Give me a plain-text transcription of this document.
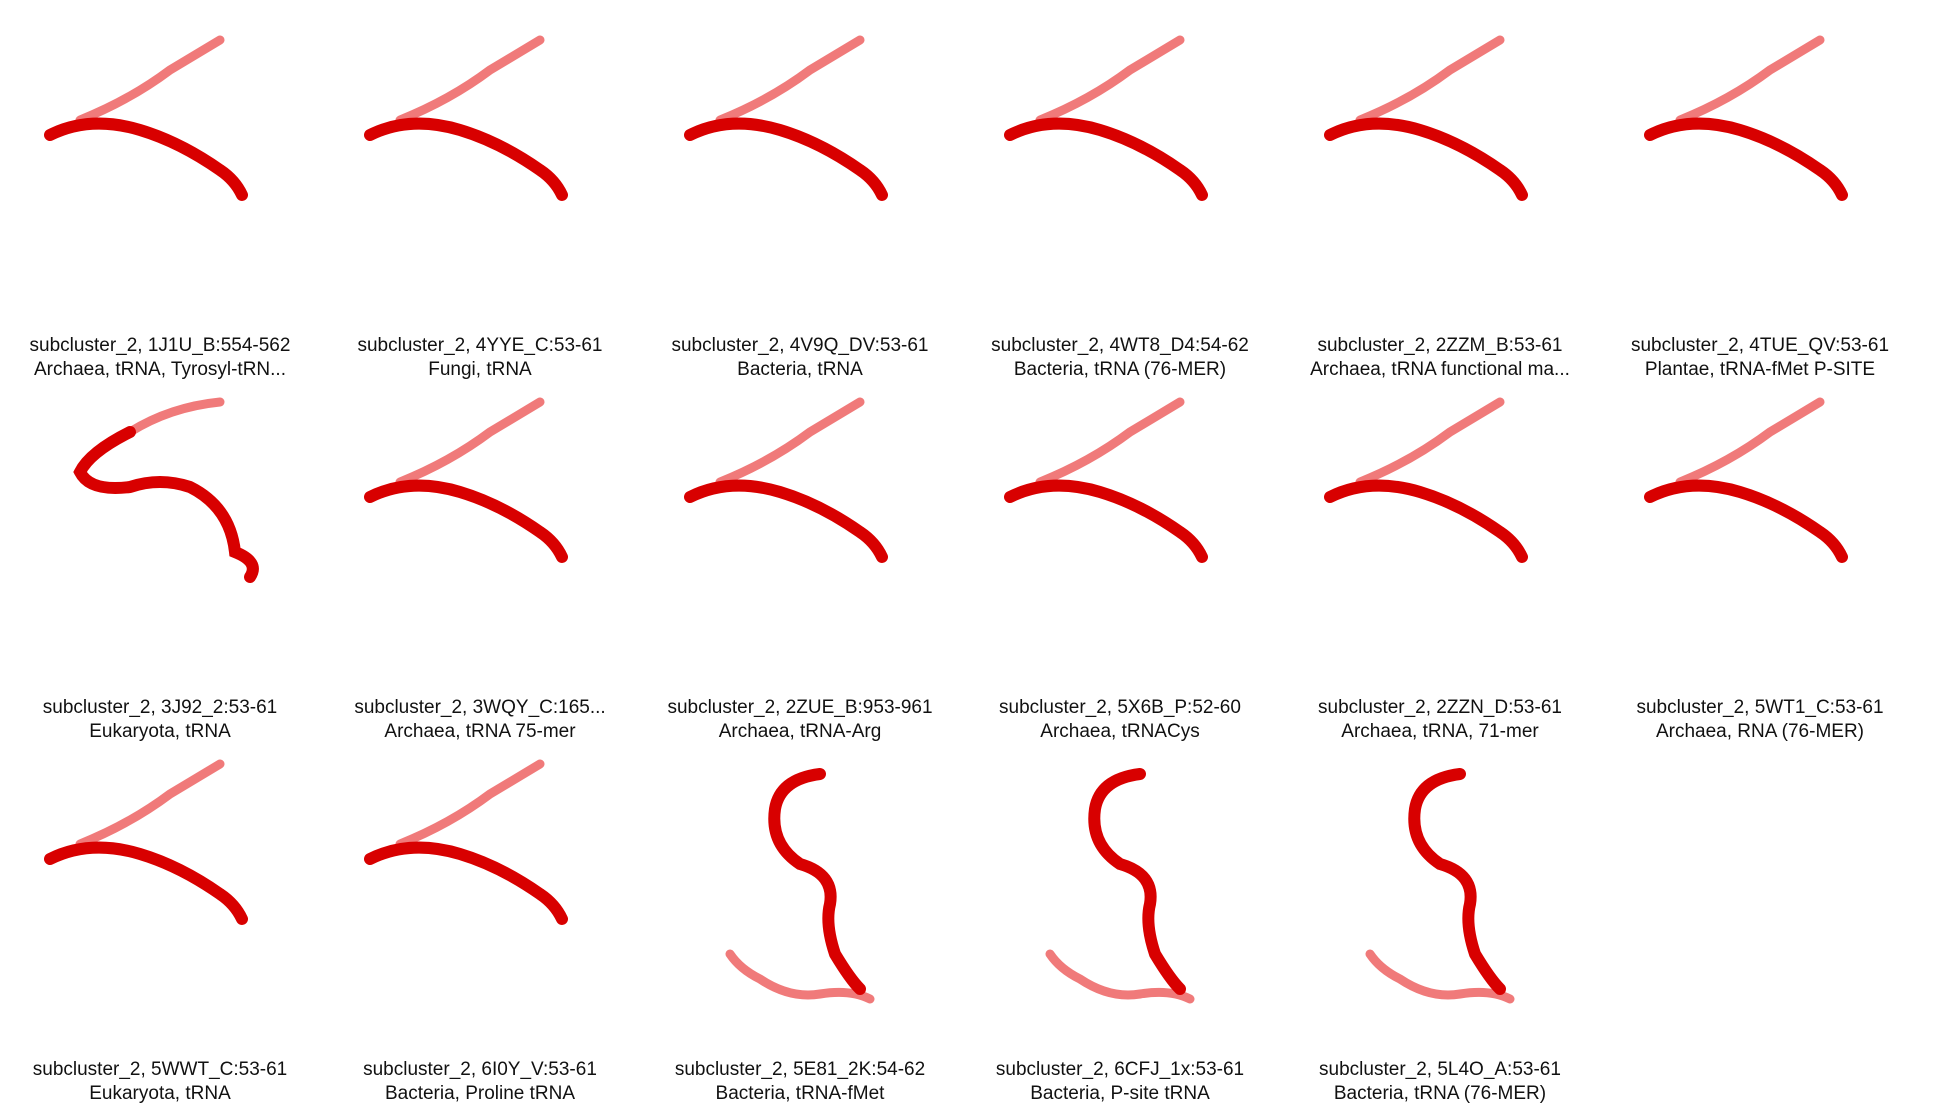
subcluster_2, 1J1U_B:554-562
Archaea, tRNA, Tyrosyl-tRN...
subcluster_2, 4YYE_C:53-61
Fungi, tRNA
subcluster_2, 4V9Q_DV:53-61
Bacteria, tRNA
subcluster_2, 4WT8_D4:54-62
Bacteria, tRNA (76-MER)
subcluster_2, 2ZZM_B:53-61
Archaea, tRNA functional ma...
subcluster_2, 4TUE_QV:53-61
Plantae, tRNA-fMet P-SITE
subcluster_2, 3J92_2:53-61
Eukaryota, tRNA
subcluster_2, 3WQY_C:165...
Archaea, tRNA 75-mer
subcluster_2, 2ZUE_B:953-961
Archaea, tRNA-Arg
subcluster_2, 5X6B_P:52-60
Archaea, tRNACys
subcluster_2, 2ZZN_D:53-61
Archaea, tRNA, 71-mer
subcluster_2, 5WT1_C:53-61
Archaea, RNA (76-MER)
subcluster_2, 5WWT_C:53-61
Eukaryota, tRNA
subcluster_2, 6I0Y_V:53-61
Bacteria, Proline tRNA
subcluster_2, 5E81_2K:54-62
Bacteria, tRNA-fMet
subcluster_2, 6CFJ_1x:53-61
Bacteria, P-site tRNA
subcluster_2, 5L4O_A:53-61
Bacteria, tRNA (76-MER)
